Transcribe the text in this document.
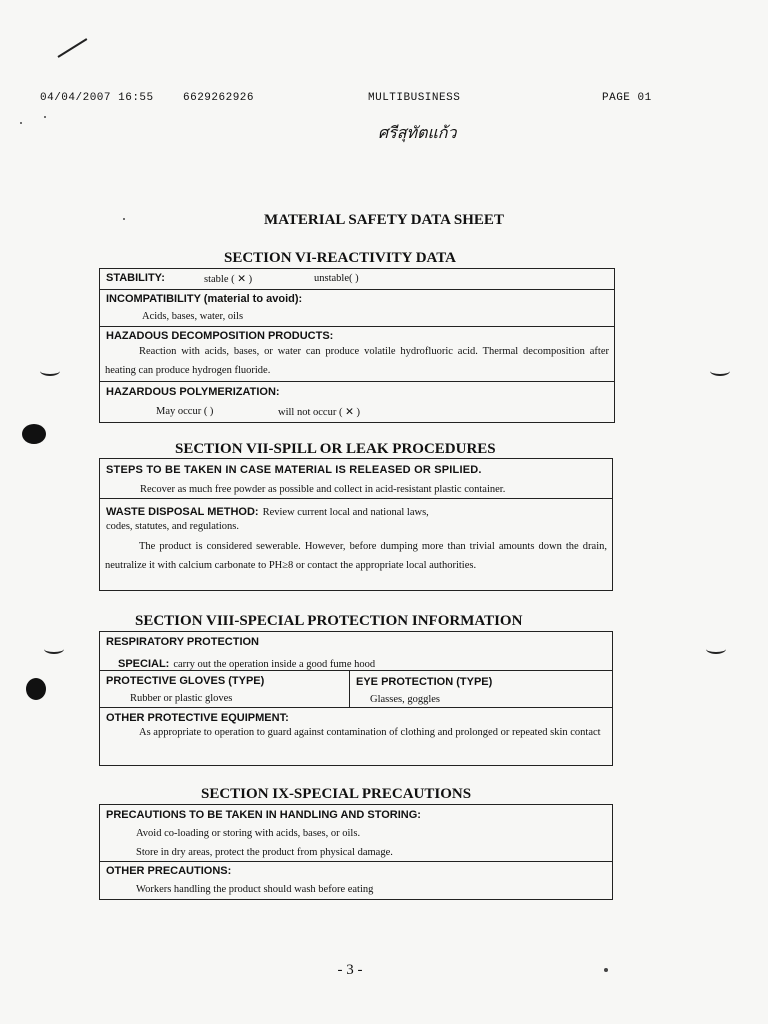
04/04/2007 16:55	6629262926	MULTIBUSINESS	PAGE 01
ศรีสุทัตแก้ว
MATERIAL SAFETY DATA SHEET
SECTION VI-REACTIVITY DATA
STABILITY:	stable ( ✕ )	unstable( )
INCOMPATIBILITY (material to avoid):
Acids, bases, water, oils
HAZADOUS DECOMPOSITION PRODUCTS:
Reaction with acids, bases, or water can produce volatile hydrofluoric acid. Thermal decomposition after heating can produce hydrogen fluoride.
HAZARDOUS POLYMERIZATION:
May occur ( )	will not occur ( ✕ )
SECTION VII-SPILL OR LEAK PROCEDURES
STEPS TO BE TAKEN IN CASE MATERIAL IS RELEASED OR SPILIED.
Recover as much free powder as possible and collect in acid-resistant plastic container.
WASTE DISPOSAL METHOD: Review current local and national laws,
codes, statutes, and regulations.
The product is considered sewerable. However, before dumping more than trivial amounts down the drain, neutralize it with calcium carbonate to PH≥8 or contact the appropriate local authorities.
SECTION VIII-SPECIAL PROTECTION INFORMATION
RESPIRATORY PROTECTION
SPECIAL: carry out the operation inside a good fume hood
PROTECTIVE GLOVES (TYPE)
Rubber or plastic gloves
EYE PROTECTION (TYPE)
Glasses, goggles
OTHER PROTECTIVE EQUIPMENT:
As appropriate to operation to guard against contamination of clothing and prolonged or repeated skin contact
SECTION IX-SPECIAL PRECAUTIONS
PRECAUTIONS TO BE TAKEN IN HANDLING AND STORING:
Avoid co-loading or storing with acids, bases, or oils.
Store in dry areas, protect the product from physical damage.
OTHER PRECAUTIONS:
Workers handling the product should wash before eating
- 3 -
